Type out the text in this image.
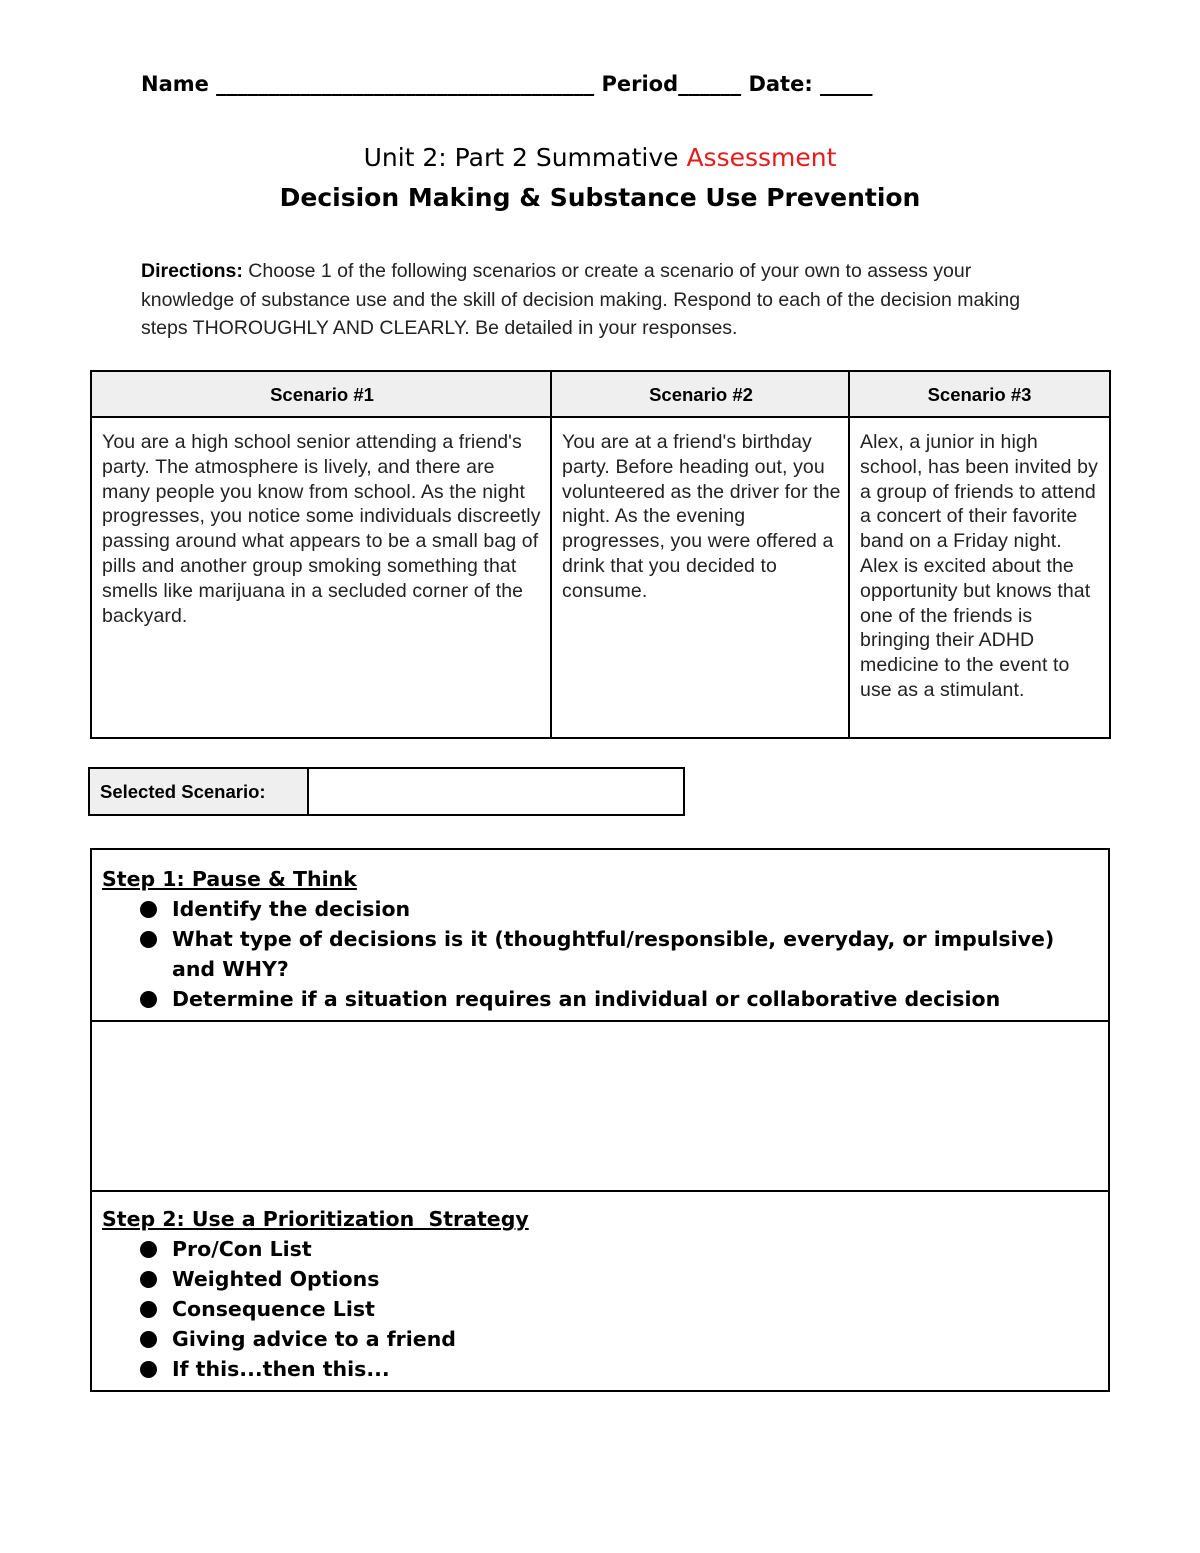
Name ____________________________________ Period______ Date: _____
Unit 2: Part 2 Summative Assessment
Decision Making & Substance Use Prevention
Directions: Choose 1 of the following scenarios or create a scenario of your own to assess your knowledge of substance use and the skill of decision making. Respond to each of the decision making steps THOROUGHLY AND CLEARLY. Be detailed in your responses.
Scenario #1	Scenario #2	Scenario #3
You are a high school senior attending a friend's party. The atmosphere is lively, and there are many people you know from school. As the night progresses, you notice some individuals discreetly passing around what appears to be a small bag of pills and another group smoking something that smells like marijuana in a secluded corner of the backyard.
You are at a friend's birthday party. Before heading out, you volunteered as the driver for the night. As the evening progresses, you were offered a drink that you decided to consume.
Alex, a junior in high school, has been invited by a group of friends to attend a concert of their favorite band on a Friday night. Alex is excited about the opportunity but knows that one of the friends is bringing their ADHD medicine to the event to use as a stimulant.
Selected Scenario:
Step 1: Pause & Think
Identify the decision
What type of decisions is it (thoughtful/responsible, everyday, or impulsive) and WHY?
Determine if a situation requires an individual or collaborative decision
Step 2: Use a Prioritization  Strategy
Pro/Con List
Weighted Options
Consequence List
Giving advice to a friend
If this...then this...
